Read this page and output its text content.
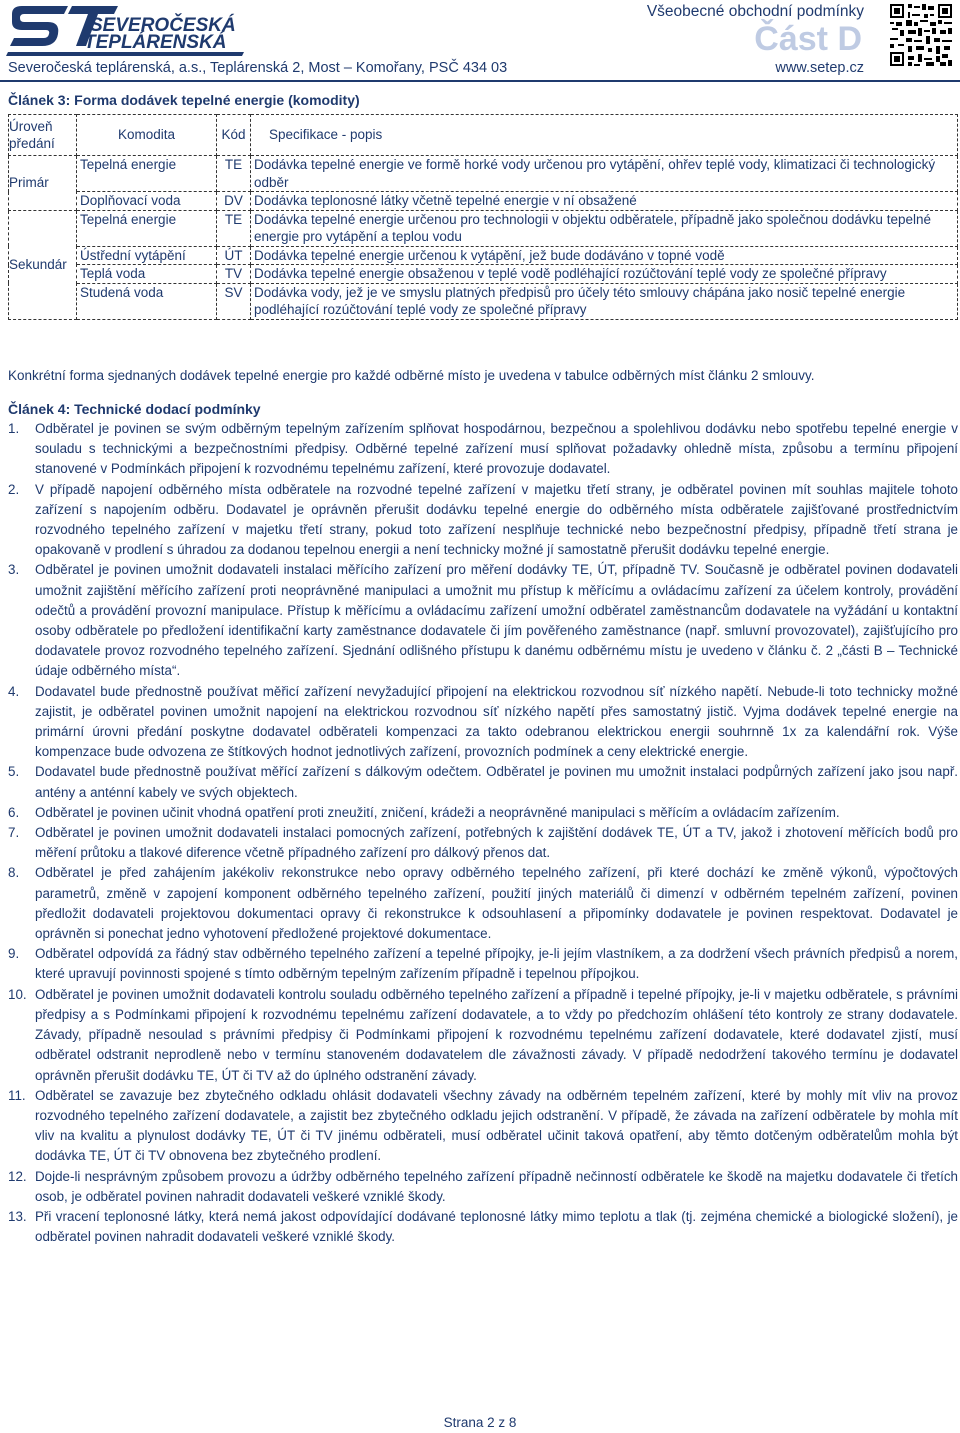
SEVEROČESKÁ
TEPLÁRENSKÁ
Severočeská teplárenská, a.s., Teplárenská 2, Most – Komořany, PSČ 434 03
Všeobecné obchodní podmínky
Část D
www.setep.cz
Článek 3: Forma dodávek tepelné energie (komodity)
Úroveň předání	Komodita	Kód	Specifikace - popis
Primár	Tepelná energie	TE	Dodávka tepelné energie ve formě horké vody určenou pro vytápění, ohřev teplé vody, klimatizaci či technologický odběr
	Doplňovací voda	DV	Dodávka teplonosné látky včetně tepelné energie v ní obsažené
Sekundár	Tepelná energie	TE	Dodávka tepelné energie určenou pro technologii v objektu odběratele, případně jako společnou dodávku tepelné energie pro vytápění a teplou vodu
	Ústřední vytápění	ÚT	Dodávka tepelné energie určenou k vytápění, jež bude dodáváno v topné vodě
	Teplá voda	TV	Dodávka tepelné energie obsaženou v teplé vodě podléhající rozúčtování teplé vody ze společné přípravy
	Studená voda	SV	Dodávka vody, jež je ve smyslu platných předpisů pro účely této smlouvy chápána jako nosič tepelné energie podléhající rozúčtování teplé vody ze společné přípravy
Konkrétní forma sjednaných dodávek tepelné energie pro každé odběrné místo je uvedena v tabulce odběrných míst článku 2 smlouvy.
Článek 4: Technické dodací podmínky
1. Odběratel je povinen se svým odběrným tepelným zařízením splňovat hospodárnou, bezpečnou a spolehlivou dodávku nebo spotřebu tepelné energie v souladu s technickými a bezpečnostními předpisy. Odběrné tepelné zařízení musí splňovat požadavky ohledně místa, způsobu a termínu připojení stanovené v Podmínkách připojení k rozvodnému tepelnému zařízení, které provozuje dodavatel.
2. V případě napojení odběrného místa odběratele na rozvodné tepelné zařízení v majetku třetí strany, je odběratel povinen mít souhlas majitele tohoto zařízení s napojením odběru. Dodavatel je oprávněn přerušit dodávku tepelné energie do odběrného místa odběratele zajišťované prostřednictvím rozvodného tepelného zařízení v majetku třetí strany, pokud toto zařízení nesplňuje technické nebo bezpečnostní předpisy, případně třetí strana je opakovaně v prodlení s úhradou za dodanou tepelnou energii a není technicky možné jí samostatně přerušit dodávku tepelné energie.
3. Odběratel je povinen umožnit dodavateli instalaci měřícího zařízení pro měření dodávky TE, ÚT, případně TV. Současně je odběratel povinen dodavateli umožnit zajištění měřícího zařízení proti neoprávněné manipulaci a umožnit mu přístup k měřícímu a ovládacímu zařízení za účelem kontroly, provádění odečtů a provádění provozní manipulace. Přístup k měřícímu a ovládacímu zařízení umožní odběratel zaměstnancům dodavatele na vyžádání u kontaktní osoby odběratele po předložení identifikační karty zaměstnance dodavatele či jím pověřeného zaměstnance (např. smluvní provozovatel), zajišťujícího pro dodavatele provoz rozvodného tepelného zařízení. Sjednání odlišného přístupu k danému odběrnému místu je uvedeno v článku č. 2 „části B – Technické údaje odběrného místa“.
4. Dodavatel bude přednostně používat měřicí zařízení nevyžadující připojení na elektrickou rozvodnou síť nízkého napětí. Nebude-li toto technicky možné zajistit, je odběratel povinen umožnit napojení na elektrickou rozvodnou síť nízkého napětí přes samostatný jistič. Vyjma dodávek tepelné energie na primární úrovni předání poskytne dodavatel odběrateli kompenzaci za takto odebranou elektrickou energii souhrnně 1x za kalendářní rok. Výše kompenzace bude odvozena ze štítkových hodnot jednotlivých zařízení, provozních podmínek a ceny elektrické energie.
5. Dodavatel bude přednostně používat měřící zařízení s dálkovým odečtem. Odběratel je povinen mu umožnit instalaci podpůrných zařízení jako jsou např. antény a anténní kabely ve svých objektech.
6. Odběratel je povinen učinit vhodná opatření proti zneužití, zničení, krádeži a neoprávněné manipulaci s měřícím a ovládacím zařízením.
7. Odběratel je povinen umožnit dodavateli instalaci pomocných zařízení, potřebných k zajištění dodávek TE, ÚT a TV, jakož i zhotovení měřících bodů pro měření průtoku a tlakové diference včetně případného zařízení pro dálkový přenos dat.
8. Odběratel je před zahájením jakékoliv rekonstrukce nebo opravy odběrného tepelného zařízení, při které dochází ke změně výkonů, výpočtových parametrů, změně v zapojení komponent odběrného tepelného zařízení, použití jiných materiálů či dimenzí v odběrném tepelném zařízení, povinen předložit dodavateli projektovou dokumentaci opravy či rekonstrukce k odsouhlasení a připomínky dodavatele je povinen respektovat. Dodavatel je oprávněn si ponechat jedno vyhotovení předložené projektové dokumentace.
9. Odběratel odpovídá za řádný stav odběrného tepelného zařízení a tepelné přípojky, je-li jejím vlastníkem, a za dodržení všech právních předpisů a norem, které upravují povinnosti spojené s tímto odběrným tepelným zařízením případně i tepelnou přípojkou.
10. Odběratel je povinen umožnit dodavateli kontrolu souladu odběrného tepelného zařízení a případně i tepelné přípojky, je-li v majetku odběratele, s právními předpisy a s Podmínkami připojení k rozvodnému tepelnému zařízení dodavatele, a to vždy po předchozím ohlášení této kontroly ze strany dodavatele. Závady, případně nesoulad s právními předpisy či Podmínkami připojení k rozvodnému tepelnému zařízení dodavatele, které dodavatel zjistí, musí odběratel odstranit neprodleně nebo v termínu stanoveném dodavatelem dle závažnosti závady. V případě nedodržení takového termínu je dodavatel oprávněn přerušit dodávku TE, ÚT či TV až do úplného odstranění závady.
11. Odběratel se zavazuje bez zbytečného odkladu ohlásit dodavateli všechny závady na odběrném tepelném zařízení, které by mohly mít vliv na provoz rozvodného tepelného zařízení dodavatele, a zajistit bez zbytečného odkladu jejich odstranění. V případě, že závada na zařízení odběratele by mohla mít vliv na kvalitu a plynulost dodávky TE, ÚT či TV jinému odběrateli, musí odběratel učinit taková opatření, aby těmto dotčeným odběratelům mohla být dodávka TE, ÚT či TV obnovena bez zbytečného prodlení.
12. Dojde-li nesprávným způsobem provozu a údržby odběrného tepelného zařízení případně nečinností odběratele ke škodě na majetku dodavatele či třetích osob, je odběratel povinen nahradit dodavateli veškeré vzniklé škody.
13. Při vracení teplonosné látky, která nemá jakost odpovídající dodávané teplonosné látky mimo teplotu a tlak (tj. zejména chemické a biologické složení), je odběratel povinen nahradit dodavateli veškeré vzniklé škody.
Strana 2 z 8
